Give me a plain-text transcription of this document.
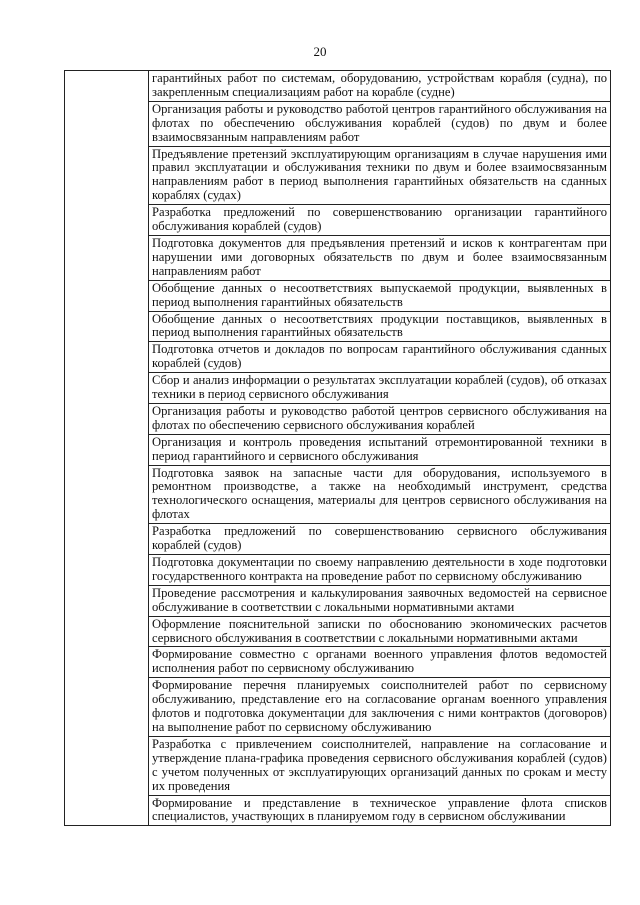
20
	гарантийных работ по системам, оборудованию, устройствам корабля (судна), по закрепленным специализациям работ на корабле (судне)
Организация работы и руководство работой центров гарантийного обслуживания на флотах по обеспечению обслуживания кораблей (судов) по двум и более взаимосвязанным направлениям работ
Предъявление претензий эксплуатирующим организациям в случае нарушения ими правил эксплуатации и обслуживания техники по двум и более взаимосвязанным направлениям работ в период выполнения гарантийных обязательств на сданных кораблях (судах)
Разработка предложений по совершенствованию организации гарантийного обслуживания кораблей (судов)
Подготовка документов для предъявления претензий и исков к контрагентам при нарушении ими договорных обязательств по двум и более взаимосвязанным направлениям работ
Обобщение данных о несоответствиях выпускаемой продукции, выявленных в период выполнения гарантийных обязательств
Обобщение данных о несоответствиях продукции поставщиков, выявленных в период выполнения гарантийных обязательств
Подготовка отчетов и докладов по вопросам гарантийного обслуживания сданных кораблей (судов)
Сбор и анализ информации о результатах эксплуатации кораблей (судов), об отказах техники в период сервисного обслуживания
Организация работы и руководство работой центров сервисного обслуживания на флотах по обеспечению сервисного обслуживания кораблей
Организация и контроль проведения испытаний отремонтированной техники в период гарантийного и сервисного обслуживания
Подготовка заявок на запасные части для оборудования, используемого в ремонтном производстве, а также на необходимый инструмент, средства технологического оснащения, материалы для центров сервисного обслуживания на флотах
Разработка предложений по совершенствованию сервисного обслуживания кораблей (судов)
Подготовка документации по своему направлению деятельности в ходе подготовки государственного контракта на проведение работ по сервисному обслуживанию
Проведение рассмотрения и калькулирования заявочных ведомостей на сервисное обслуживание в соответствии с локальными нормативными актами
Оформление пояснительной записки по обоснованию экономических расчетов сервисного обслуживания в соответствии с локальными нормативными актами
Формирование совместно с органами военного управления флотов ведомостей исполнения работ по сервисному обслуживанию
Формирование перечня планируемых соисполнителей работ по сервисному обслуживанию, представление его на согласование органам военного управления флотов и подготовка документации для заключения с ними контрактов (договоров) на выполнение работ по сервисному обслуживанию
Разработка с привлечением соисполнителей, направление на согласование и утверждение плана-графика проведения сервисного обслуживания кораблей (судов) с учетом полученных от эксплуатирующих организаций данных по срокам и месту их проведения
Формирование и представление в техническое управление флота списков специалистов, участвующих в планируемом году в сервисном обслуживании
